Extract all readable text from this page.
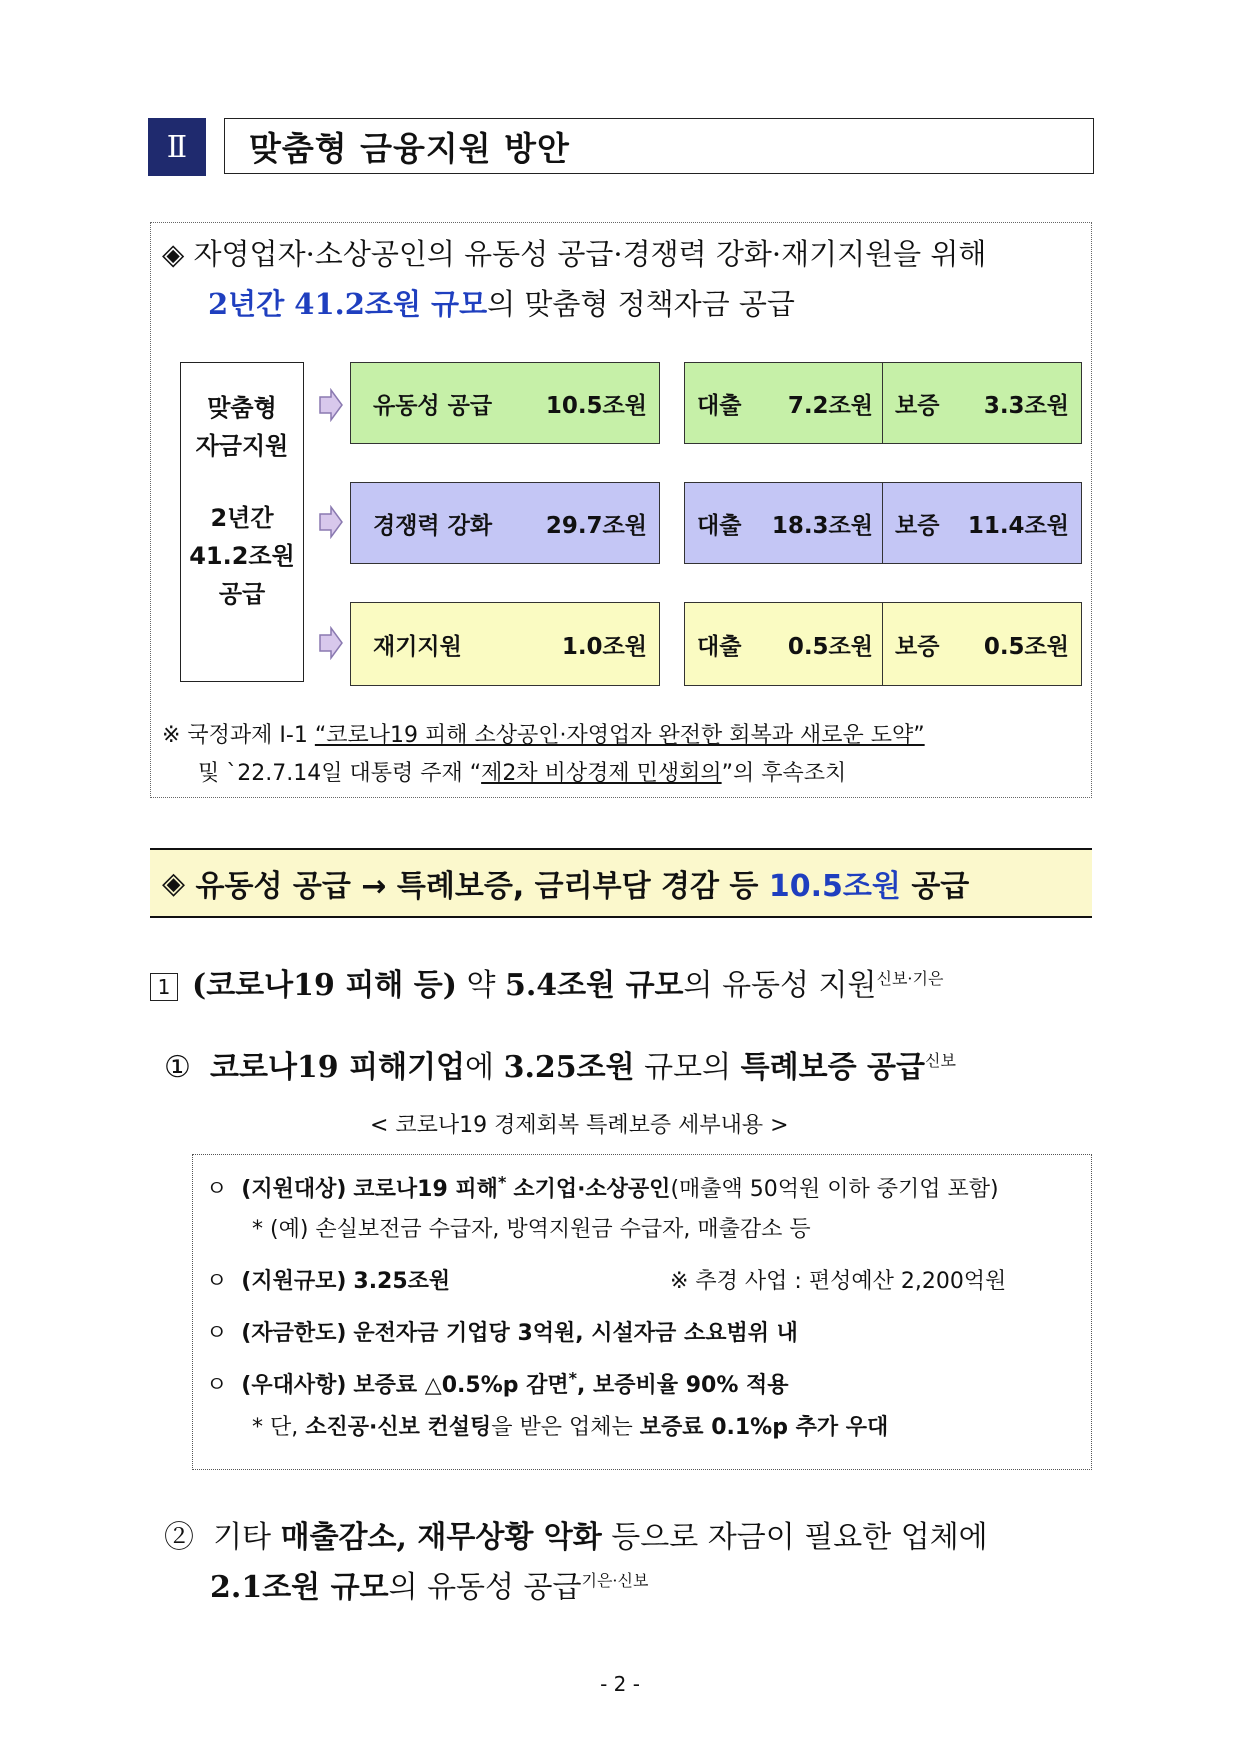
Ⅱ	맞춤형 금융지원 방안
◈ 자영업자·소상공인의 유동성 공급·경쟁력 강화·재기지원을 위해
2년간 41.2조원 규모의 맞춤형 정책자금 공급
맞춤형
자금지원
2년간
41.2조원
공급
유동성 공급 10.5조원 대출 7.2조원 보증 3.3조원
경쟁력 강화 29.7조원 대출 18.3조원 보증 11.4조원
재기지원	1.0조원 대출 0.5조원 보증 0.5조원
※ 국정과제 Ⅰ-1 “코로나19 피해 소상공인·자영업자 완전한 회복과 새로운 도약”
및 `22.7.14일 대통령 주재 “제2차 비상경제 민생회의”의 후속조치
◈
유동성 공급 → 특례보증, 금리부담 경감 등
10.5조원
공급
1 (코로나19 피해 등) 약 5.4조원 규모의 유동성 지원$^{신보\cdot 기은}$
① 코로나19 피해기업에 3.25조원 규모의 특례보증 공급$^{신보}$
< 코로나19 경제회복 특례보증 세부내용 >
ㅇ (지원대상) 코로나19 피해* 소기업·소상공인(매출액 50억원 이하 중기업 포함)
* (예) 손실보전금 수급자, 방역지원금 수급자, 매출감소 등
ㅇ (지원규모) 3.25조원	※ 추경 사업 : 편성예산 2,200억원
ㅇ (자금한도) 운전자금 기업당 3억원, 시설자금 소요범위 내
ㅇ (우대사항) 보증료 △0.5%p 감면*, 보증비율 90% 적용
* 단, 소진공·신보 컨설팅을 받은 업체는 보증료 0.1%p 추가 우대
② 기타 매출감소, 재무상황 악화 등으로 자금이 필요한 업체에
2.1조원 규모의 유동성 공급$^{기은\cdot 신보}$
- 2 -
